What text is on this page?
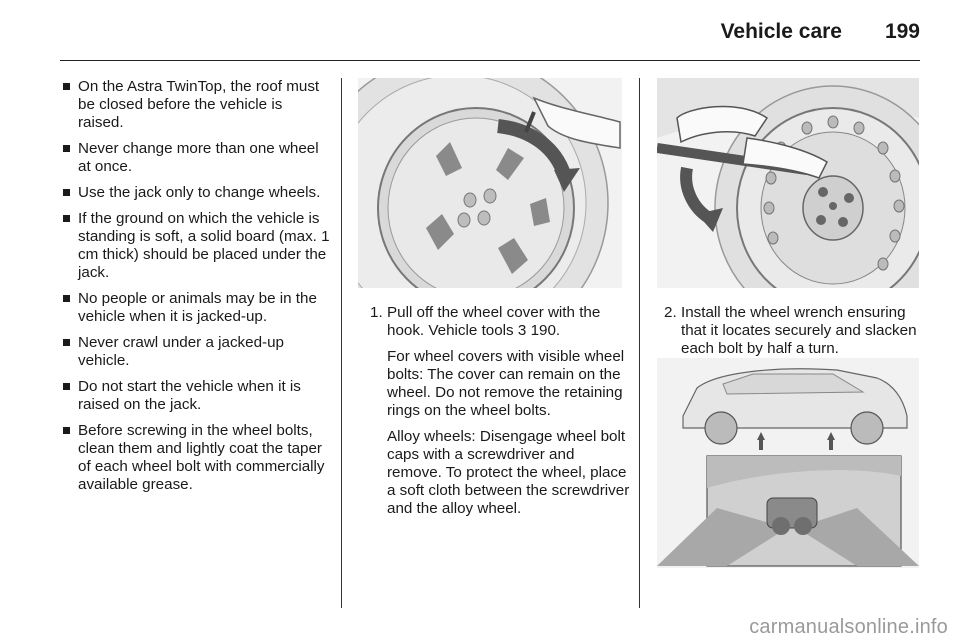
Vehicle care 199
On the Astra TwinTop, the roof must be closed before the vehicle is raised.
Never change more than one wheel at once.
Use the jack only to change wheels.
If the ground on which the vehicle is standing is soft, a solid board (max. 1 cm thick) should be placed under the jack.
No people or animals may be in the vehicle when it is jacked-up.
Never crawl under a jacked-up vehicle.
Do not start the vehicle when it is raised on the jack.
Before screwing in the wheel bolts, clean them and lightly coat the taper of each wheel bolt with commercially available grease.
1. Pull off the wheel cover with the hook. Vehicle tools 3 190.

For wheel covers with visible wheel bolts: The cover can remain on the wheel. Do not remove the retaining rings on the wheel bolts.

Alloy wheels: Disengage wheel bolt caps with a screwdriver and remove. To protect the wheel, place a soft cloth between the screwdriver and the alloy wheel.

2. Install the wheel wrench ensuring that it locates securely and slacken each bolt by half a turn.

carmanualsonline.info
